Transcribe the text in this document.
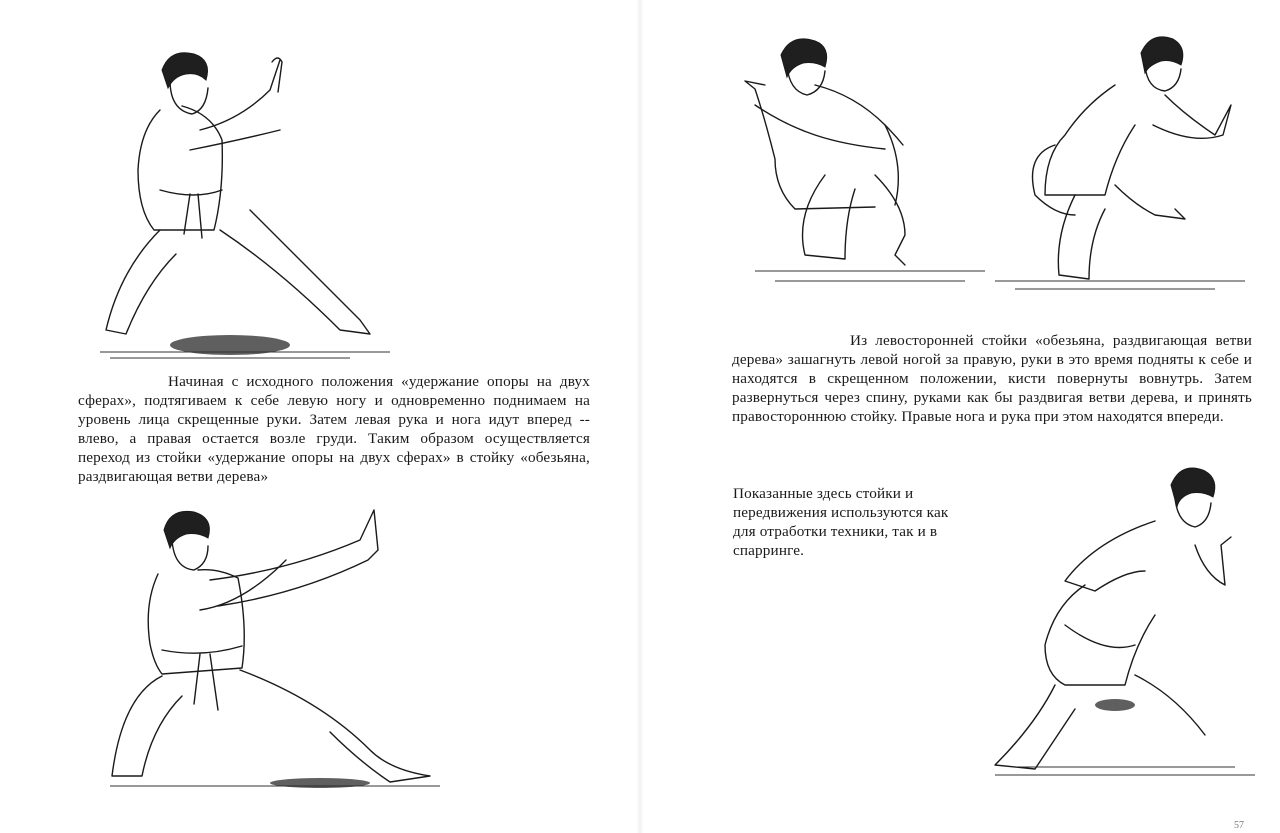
Начиная с исходного положения «удержание опоры на двух сферах», подтягиваем к себе левую ногу и одновременно поднимаем на уровень лица скрещенные руки. Затем левая рука и нога идут вперед -- влево, а правая остается возле груди. Таким образом осуществляется переход из стойки «удержание опоры на двух сферах» в стойку «обезьяна, раздвигающая ветви дерева»

Из левосторонней стойки «обезьяна, раздвигающая ветви дерева» зашагнуть левой ногой за правую, руки в это время подняты к себе и находятся в скрещенном положении, кисти повернуты вовнутрь. Затем развернуться через спину, руками как бы раздвигая ветви дерева, и принять правостороннюю стойку. Правые нога и рука при этом находятся впереди.

Показанные здесь стойки и передвижения используются как для отработки техники, так и в спарринге.

57
